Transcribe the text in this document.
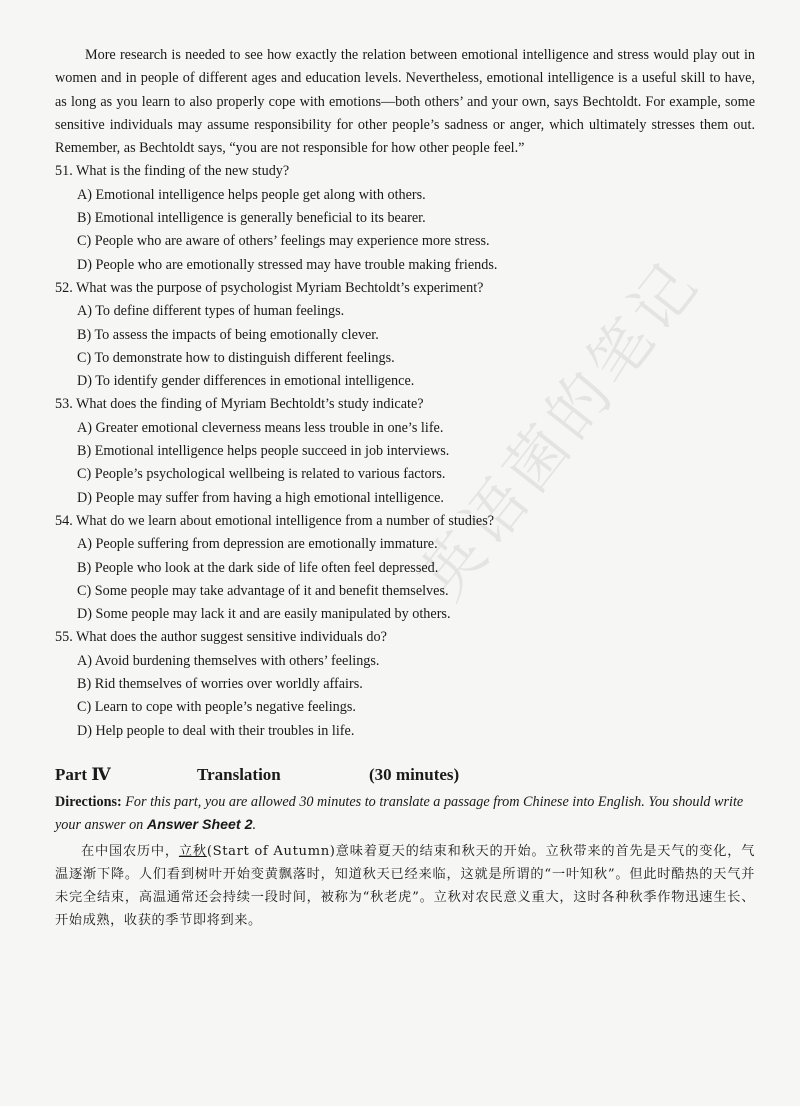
More research is needed to see how exactly the relation between emotional intelligence and stress would play out in women and in people of different ages and education levels. Nevertheless, emotional intelligence is a useful skill to have, as long as you learn to also properly cope with emotions—both others’ and your own, says Bechtoldt. For example, some sensitive individuals may assume responsibility for other people’s sadness or anger, which ultimately stresses them out. Remember, as Bechtoldt says, “you are not responsible for how other people feel.”

51. What is the finding of the new study?

A) Emotional intelligence helps people get along with others.
B) Emotional intelligence is generally beneficial to its bearer.
C) People who are aware of others’ feelings may experience more stress.
D) People who are emotionally stressed may have trouble making friends.

52. What was the purpose of psychologist Myriam Bechtoldt’s experiment?

A) To define different types of human feelings.
B) To assess the impacts of being emotionally clever.
C) To demonstrate how to distinguish different feelings.
D) To identify gender differences in emotional intelligence.

53. What does the finding of Myriam Bechtoldt’s study indicate?

A) Greater emotional cleverness means less trouble in one’s life.
B) Emotional intelligence helps people succeed in job interviews.
C) People’s psychological wellbeing is related to various factors.
D) People may suffer from having a high emotional intelligence.

54. What do we learn about emotional intelligence from a number of studies?

A) People suffering from depression are emotionally immature.
B) People who look at the dark side of life often feel depressed.
C) Some people may take advantage of it and benefit themselves.
D) Some people may lack it and are easily manipulated by others.

55. What does the author suggest sensitive individuals do?

A) Avoid burdening themselves with others’ feelings.
B) Rid themselves of worries over worldly affairs.
C) Learn to cope with people’s negative feelings.
D) Help people to deal with their troubles in life.
Part Ⅳ	Translation	(30 minutes)

Directions: For this part, you are allowed 30 minutes to translate a passage from Chinese into English. You should write your answer on Answer Sheet 2.

在中国农历中，立秋(Start of Autumn)意味着夏天的结束和秋天的开始。立秋带来的首先是天气的变化，气温逐渐下降。人们看到树叶开始变黄飘落时，知道秋天已经来临，这就是所谓的“一叶知秋”。但此时酷热的天气并未完全结束，高温通常还会持续一段时间，被称为“秋老虎”。立秋对农民意义重大，这时各种秋季作物迅速生长、开始成熟，收获的季节即将到来。

英语菌的笔记
